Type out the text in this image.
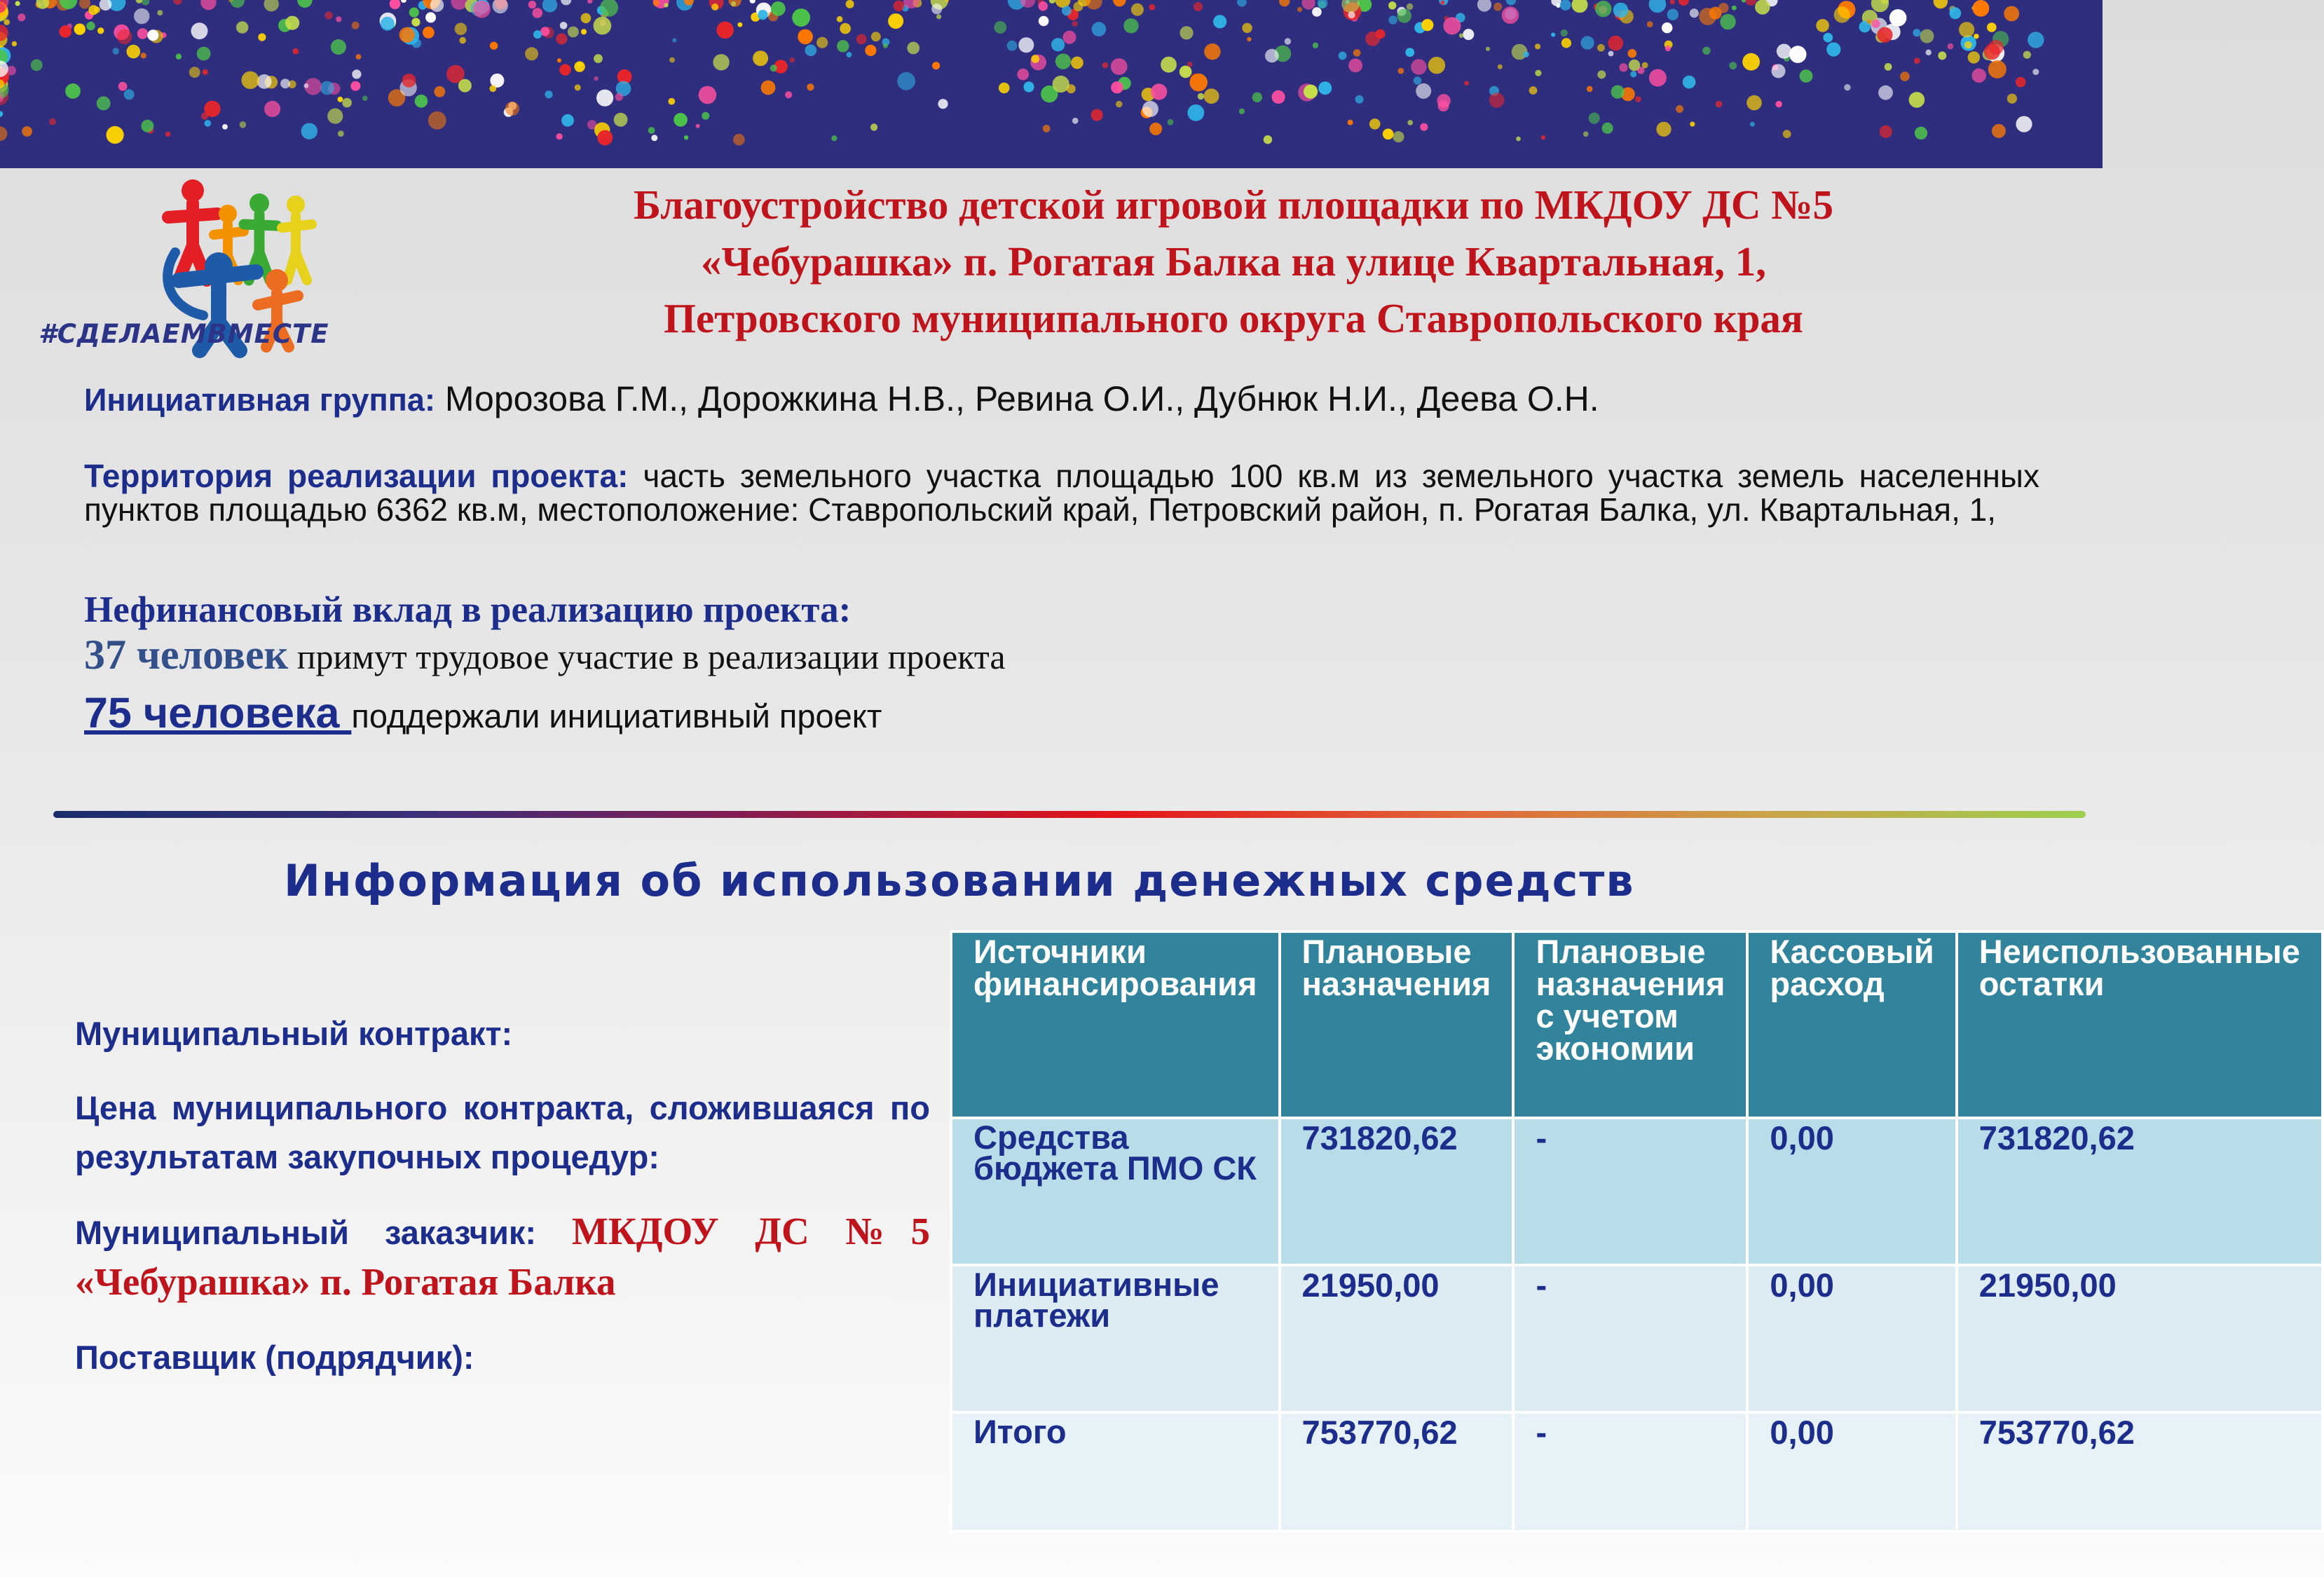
#СДЕЛАЕМВМЕСТЕ
Благоустройство детской игровой площадки по МКДОУ ДС №5
«Чебурашка» п. Рогатая Балка на улице Квартальная, 1,
Петровского муниципального округа Ставропольского края
Инициативная группа: Морозова Г.М., Дорожкина Н.В., Ревина О.И., Дубнюк Н.И., Деева О.Н.
Территория реализации проекта: часть земельного участка площадью 100 кв.м из земельного участка земель населенных пунктов площадью 6362 кв.м, местоположение: Ставропольский край, Петровский район, п. Рогатая Балка, ул. Квартальная, 1,
Нефинансовый вклад в реализацию проекта:
37 человек примут трудовое участие в реализации проекта
75 человека поддержали инициативный проект
Информация об использовании денежных средств

Муниципальный контракт:

Цена муниципального контракта, сложившаяся по результатам закупочных процедур:

Муниципальный заказчик: МКДОУ ДС №5 «Чебурашка» п. Рогатая Балка

Поставщик (подрядчик):

Источники финансирования	Плановые назначения	Плановые назначения с учетом экономии	Кассовый расход	Неиспользованные остатки
Средства бюджета ПМО СК	731820,62	-	0,00	731820,62
Инициативные платежи	21950,00	-	0,00	21950,00
Итого	753770,62	-	0,00	753770,62
